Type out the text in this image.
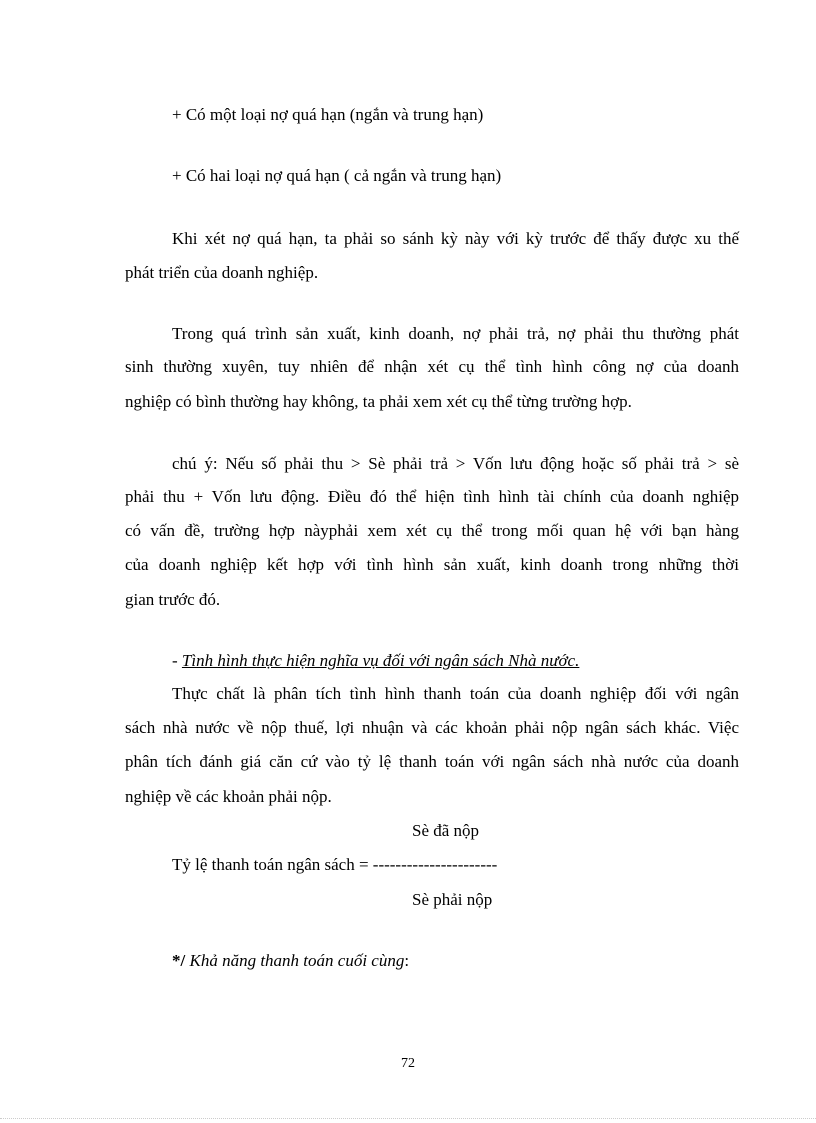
+ Có một loại nợ quá hạn (ngắn và trung hạn)
+ Có hai loại nợ quá hạn ( cả ngắn và trung hạn)
Khi xét nợ quá hạn, ta phải so sánh kỳ này với kỳ trước để thấy được xu thế
phát triển của doanh nghiệp.
Trong quá trình sản xuất, kinh doanh, nợ phải trả, nợ phải thu thường phát
sinh thường xuyên, tuy nhiên để nhận xét cụ thể tình hình công nợ của doanh
nghiệp có bình thường hay không, ta phải xem xét cụ thể từng trường hợp.
chú ý: Nếu số phải thu > Sè phải trả > Vốn lưu động hoặc số phải trả > sè
phải thu + Vốn lưu động. Điều đó thể hiện tình hình tài chính của doanh nghiệp
có vấn đề, trường hợp nàyphải xem xét cụ thể trong mối quan hệ với bạn hàng
của doanh nghiệp kết hợp với tình hình sản xuất, kinh doanh trong những thời
gian trước đó.
- Tình hình thực hiện nghĩa vụ đối với ngân sách Nhà nước.
Thực chất là phân tích tình hình thanh toán của doanh nghiệp đối với ngân
sách nhà nước về nộp thuế, lợi nhuận và các khoản phải nộp ngân sách khác. Việc
phân tích đánh giá căn cứ vào tỷ lệ thanh toán với ngân sách nhà nước của doanh
nghiệp về các khoản phải nộp.
Sè đã nộp
Tỷ lệ thanh toán ngân sách = ----------------------
Sè phải nộp
*/ Khả năng thanh toán cuối cùng:
72
